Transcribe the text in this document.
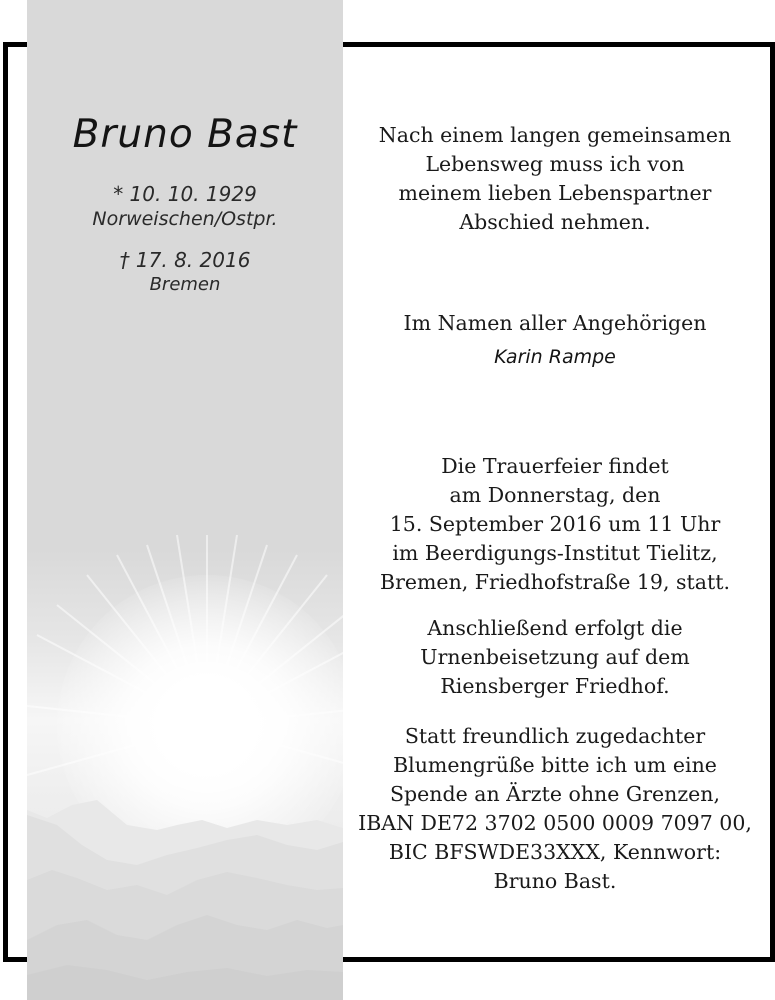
Bruno Bast
* 10. 10. 1929
Norweischen/Ostpr.
† 17. 8. 2016
Bremen

Nach einem langen gemeinsamen

Lebensweg muss ich von

meinem lieben Lebenspartner

Abschied nehmen.

Im Namen aller Angehörigen
Karin Rampe

Die Trauerfeier findet

am Donnerstag, den

15. September 2016 um 11 Uhr

im Beerdigungs-Institut Tielitz,

Bremen, Friedhofstraße 19, statt.

Anschließend erfolgt die

Urnenbeisetzung auf dem

Riensberger Friedhof.

Statt freundlich zugedachter

Blumengrüße bitte ich um eine

Spende an Ärzte ohne Grenzen,

IBAN DE72 3702 0500 0009 7097 00,

BIC BFSWDE33XXX, Kennwort:

Bruno Bast.
